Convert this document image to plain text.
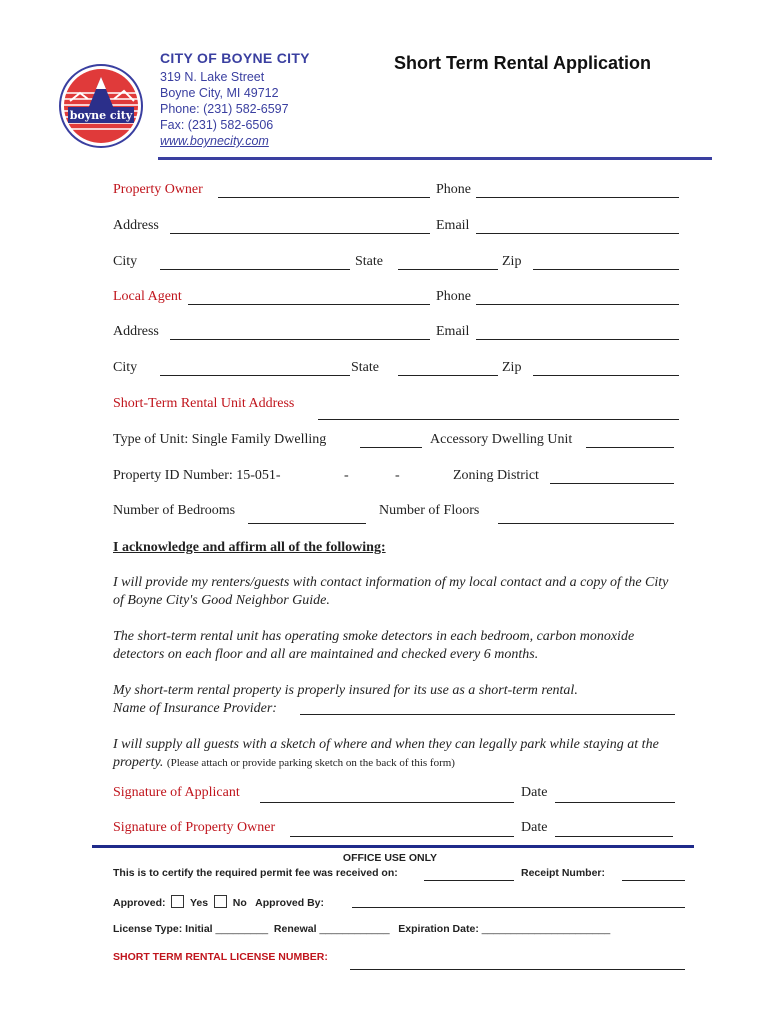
boyne city
CITY OF BOYNE CITY
319 N. Lake Street
Boyne City, MI 49712
Phone: (231) 582-6597
Fax: (231) 582-6506
www.boynecity.com
Short Term Rental Application
Property Owner	Phone
Address	Email
City	State	Zip
Local Agent	Phone
Address	Email
City	State	Zip
Short-Term Rental Unit Address
Type of Unit: Single Family Dwelling	Accessory Dwelling Unit
Property ID Number: 15-051-	-	-	Zoning District
Number of Bedrooms	Number of Floors
I acknowledge and affirm all of the following:
I will provide my renters/guests with contact information of my local contact and a copy of the City of Boyne City's Good Neighbor Guide.
The short-term rental unit has operating smoke detectors in each bedroom, carbon monoxide detectors on each floor and all are maintained and checked every 6 months.
My short-term rental property is properly insured for its use as a short-term rental.
Name of Insurance Provider:
I will supply all guests with a sketch of where and when they can legally park while staying at the property. (Please attach or provide parking sketch on the back of this form)
Signature of Applicant	Date
Signature of Property Owner	Date
OFFICE USE ONLY
This is to certify the required permit fee was received on:	Receipt Number:
Approved: Yes No Approved By:
License Type: Initial _________ Renewal ____________ Expiration Date: ______________________
SHORT TERM RENTAL LICENSE NUMBER:
